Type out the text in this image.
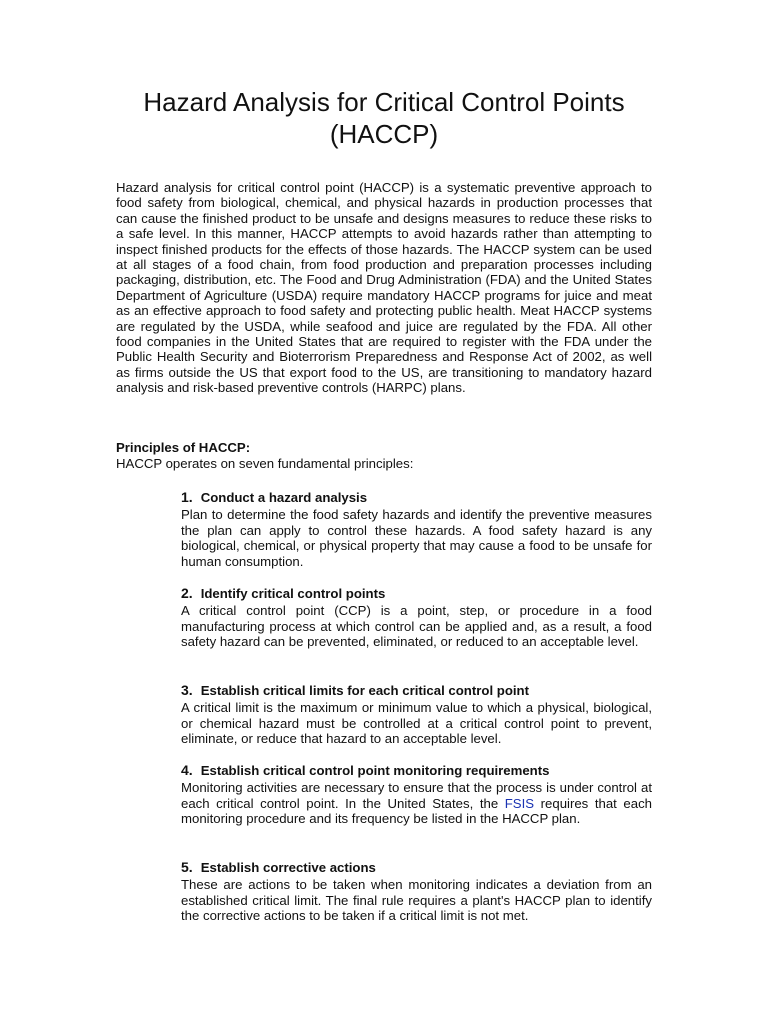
Hazard Analysis for Critical Control Points (HACCP)

Hazard analysis for critical control point (HACCP) is a systematic preventive approach to food safety from biological, chemical, and physical hazards in production processes that can cause the finished product to be unsafe and designs measures to reduce these risks to a safe level. In this manner, HACCP attempts to avoid hazards rather than attempting to inspect finished products for the effects of those hazards. The HACCP system can be used at all stages of a food chain, from food production and preparation processes including packaging, distribution, etc. The Food and Drug Administration (FDA) and the United States Department of Agriculture (USDA) require mandatory HACCP programs for juice and meat as an effective approach to food safety and protecting public health. Meat HACCP systems are regulated by the USDA, while seafood and juice are regulated by the FDA. All other food companies in the United States that are required to register with the FDA under the Public Health Security and Bioterrorism Preparedness and Response Act of 2002, as well as firms outside the US that export food to the US, are transitioning to mandatory hazard analysis and risk-based preventive controls (HARPC) plans.

Principles of HACCP:

HACCP operates on seven fundamental principles:

1. Conduct a hazard analysis

Plan to determine the food safety hazards and identify the preventive measures the plan can apply to control these hazards. A food safety hazard is any biological, chemical, or physical property that may cause a food to be unsafe for human consumption.

2. Identify critical control points

A critical control point (CCP) is a point, step, or procedure in a food manufacturing process at which control can be applied and, as a result, a food safety hazard can be prevented, eliminated, or reduced to an acceptable level.

3. Establish critical limits for each critical control point

A critical limit is the maximum or minimum value to which a physical, biological, or chemical hazard must be controlled at a critical control point to prevent, eliminate, or reduce that hazard to an acceptable level.

4. Establish critical control point monitoring requirements

Monitoring activities are necessary to ensure that the process is under control at each critical control point. In the United States, the FSIS requires that each monitoring procedure and its frequency be listed in the HACCP plan.

5. Establish corrective actions

These are actions to be taken when monitoring indicates a deviation from an established critical limit. The final rule requires a plant's HACCP plan to identify the corrective actions to be taken if a critical limit is not met.
